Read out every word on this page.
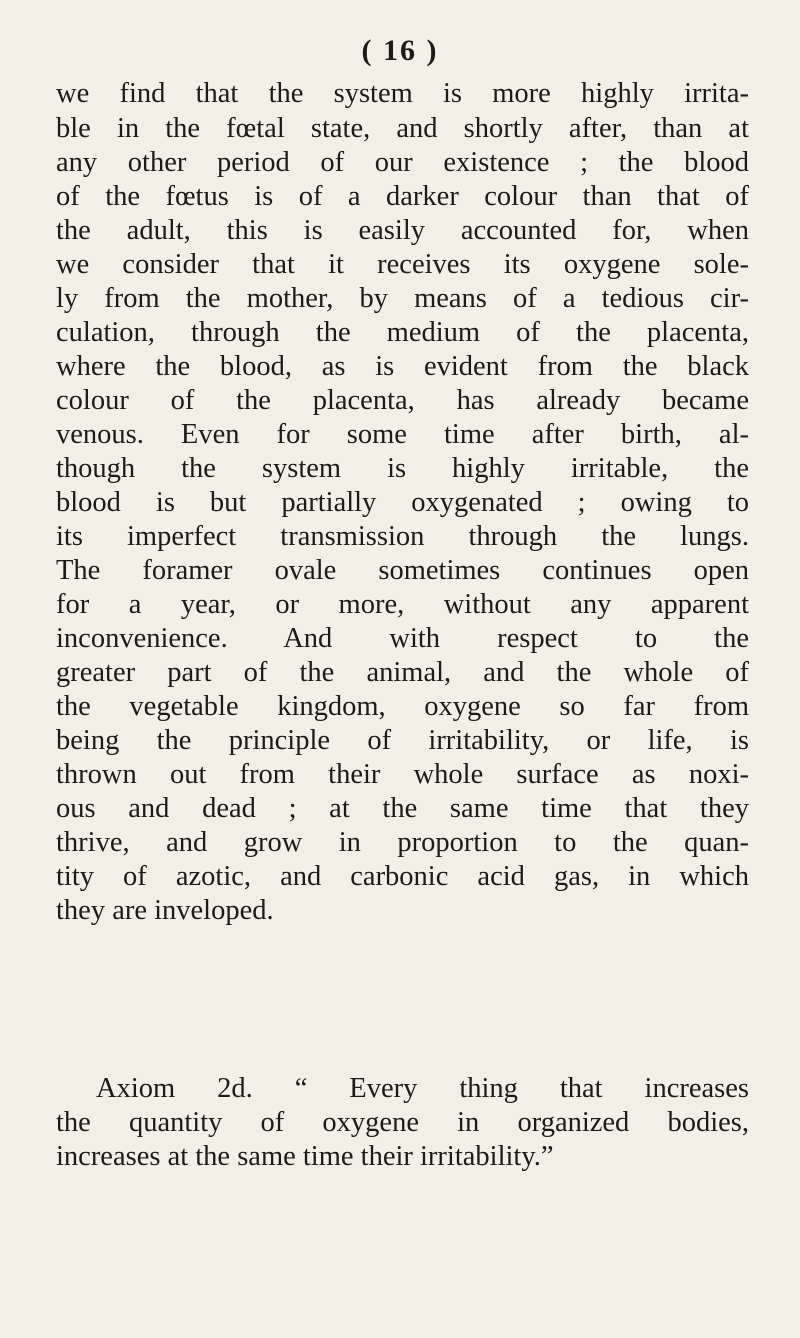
( 16 )
we find that the system is more highly irrita-
ble in the fœtal state, and shortly after, than at
any other period of our existence ; the blood
of the fœtus is of a darker colour than that of
the adult, this is easily accounted for, when
we consider that it receives its oxygene sole-
ly from the mother, by means of a tedious cir-
culation, through the medium of the placenta,
where the blood, as is evident from the black
colour of the placenta, has already became
venous. Even for some time after birth, al-
though the system is highly irritable, the
blood is but partially oxygenated ; owing to
its imperfect transmission through the lungs.
The foramer ovale sometimes continues open
for a year, or more, without any apparent
inconvenience. And with respect to the
greater part of the animal, and the whole of
the vegetable kingdom, oxygene so far from
being the principle of irritability, or life, is
thrown out from their whole surface as noxi-
ous and dead ; at the same time that they
thrive, and grow in proportion to the quan-
tity of azotic, and carbonic acid gas, in which
they are inveloped.
Axiom 2d. “ Every thing that increases
the quantity of oxygene in organized bodies,
increases at the same time their irritability.”
